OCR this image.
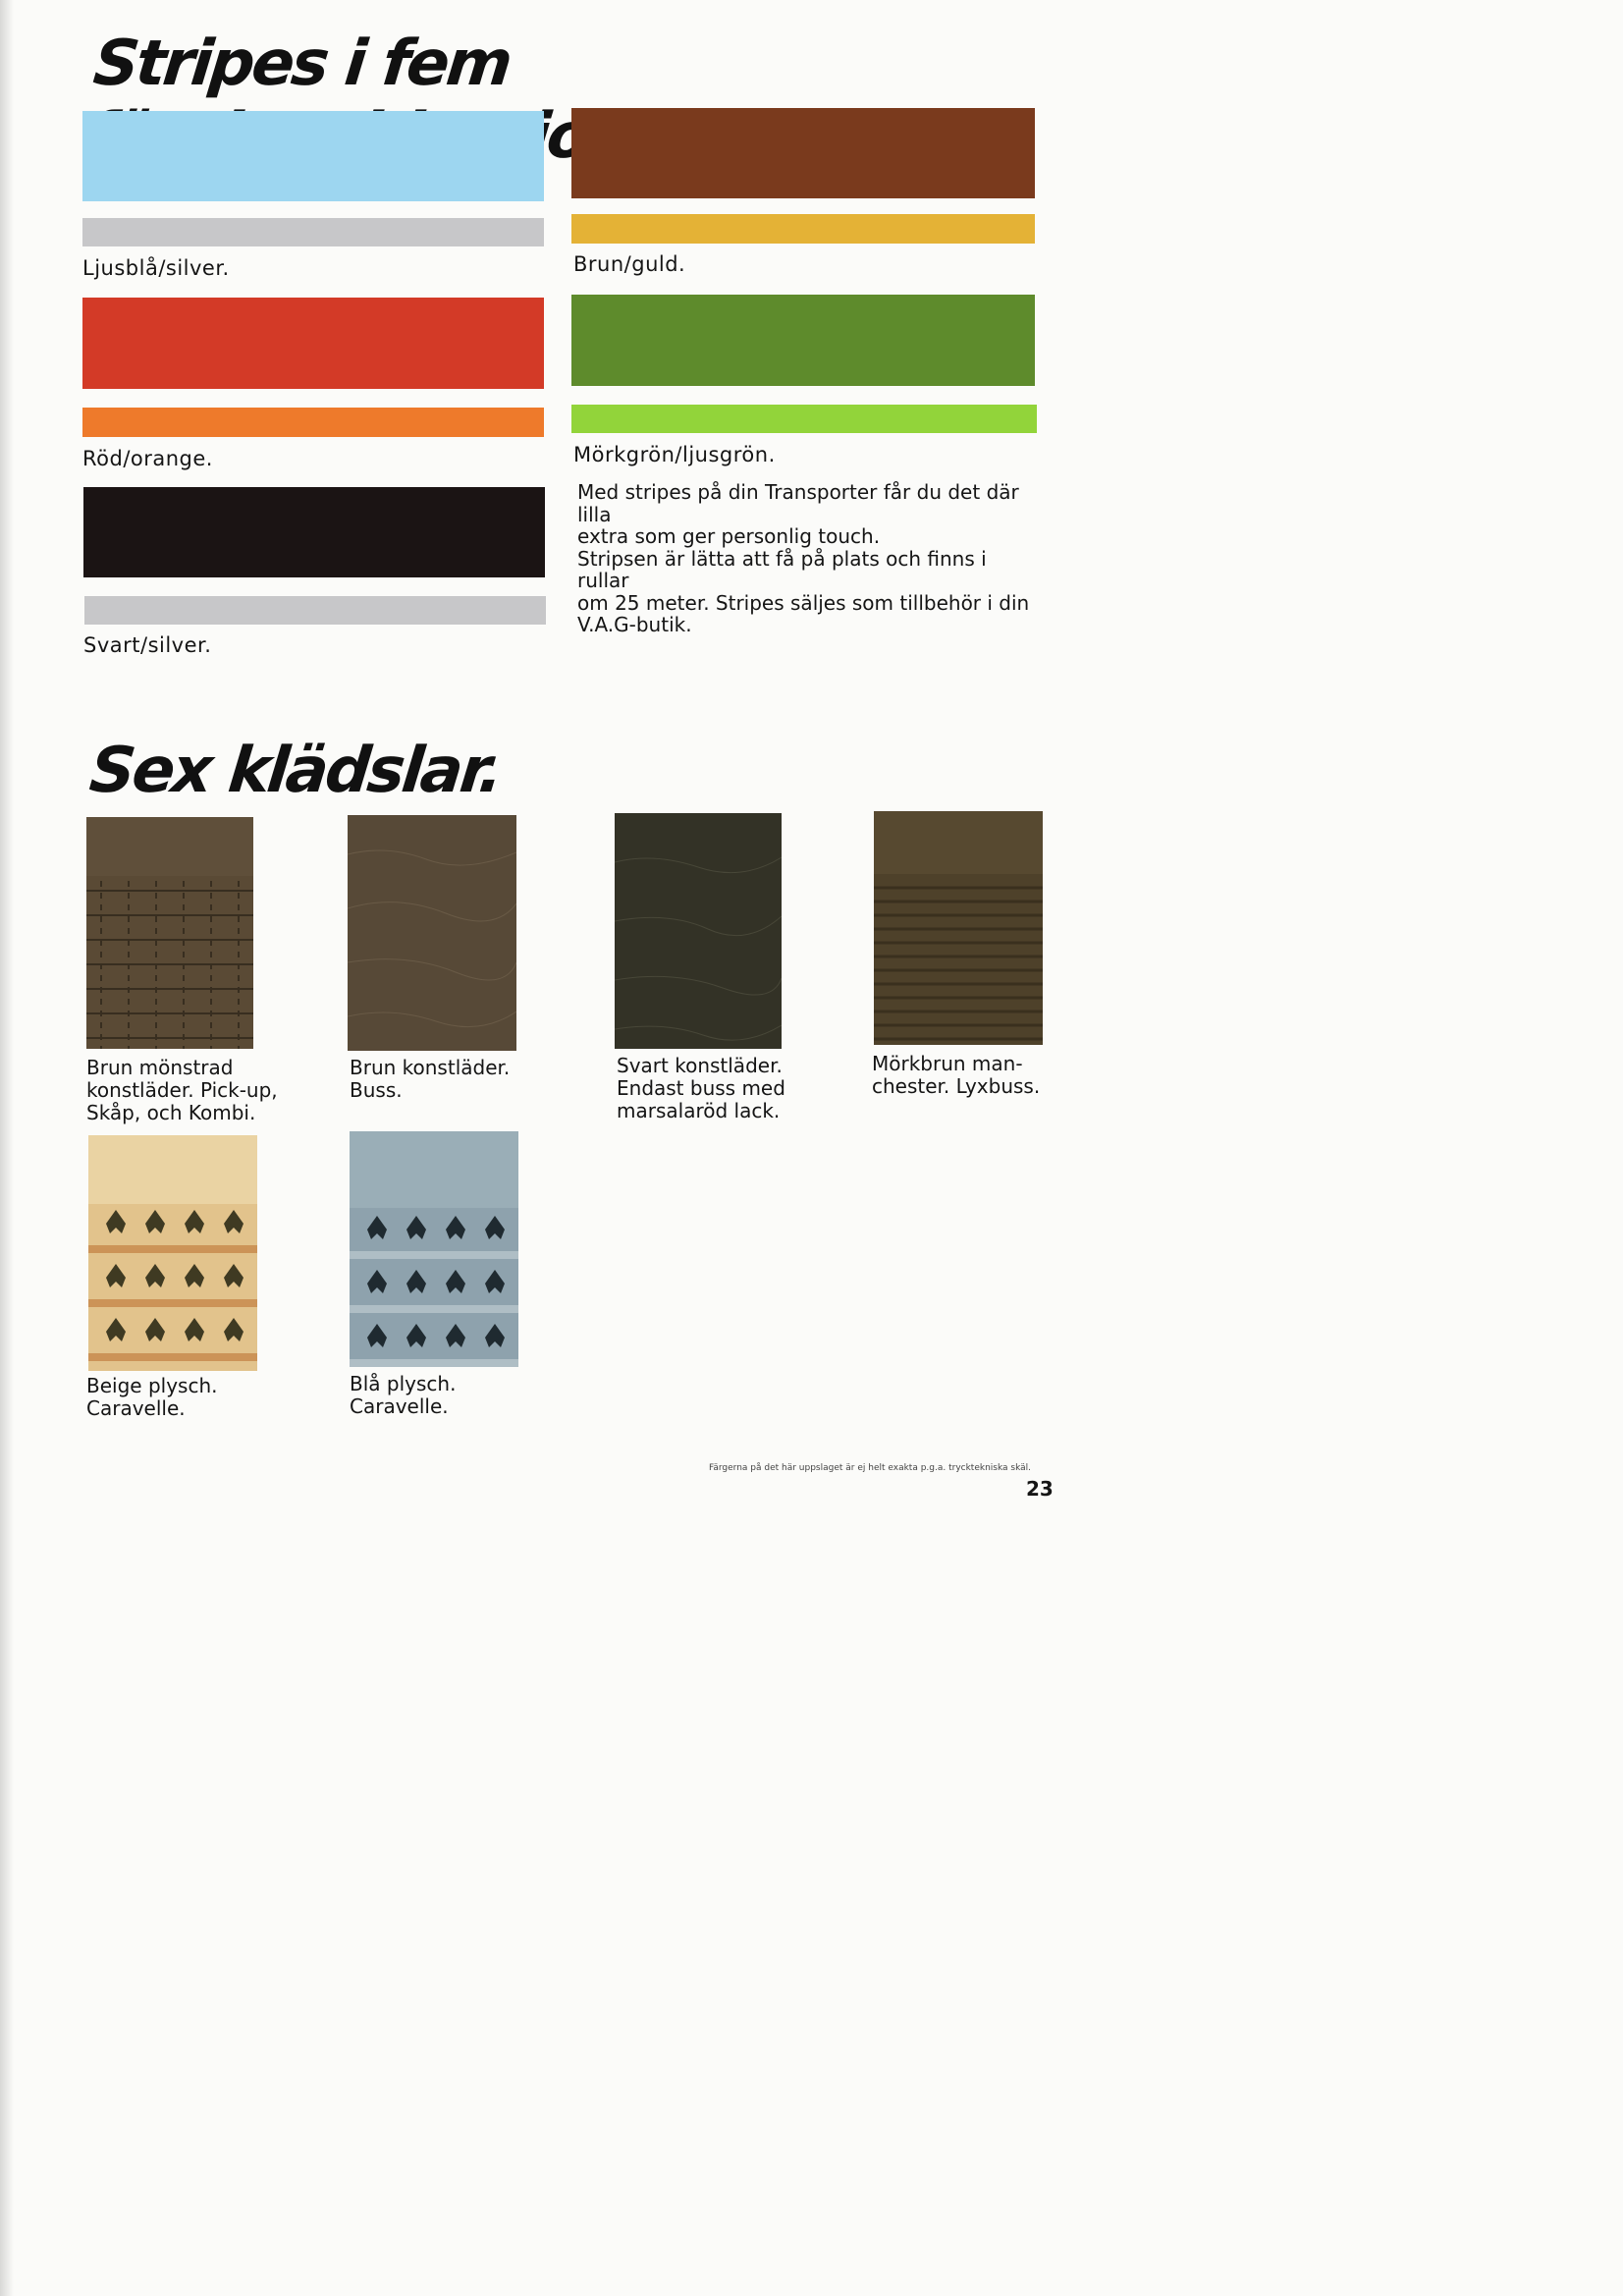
Stripes i fem
Ljusblå/silver.	Brun/guld.
Röd/orange.	Mörkgrön/ljusgrön.
Svart/silver.

Med stripes på din Transporter får du det där lilla
extra som ger personlig touch.
Stripsen är lätta att få på plats och finns i rullar
om 25 meter. Stripes säljes som tillbehör i din
V.A.G-butik.

Sex klädslar.

Brun mönstrad
konstläder. Pick-up,
Skåp, och Kombi.

Brun konstläder.
Buss.

Svart konstläder.
Endast buss med
marsalaröd lack.

Mörkbrun man-
chester. Lyxbuss.

Beige plysch.
Caravelle.

Blå plysch.
Caravelle.

Färgerna på det här uppslaget är ej helt exakta p.g.a. trycktekniska skäl.
23
